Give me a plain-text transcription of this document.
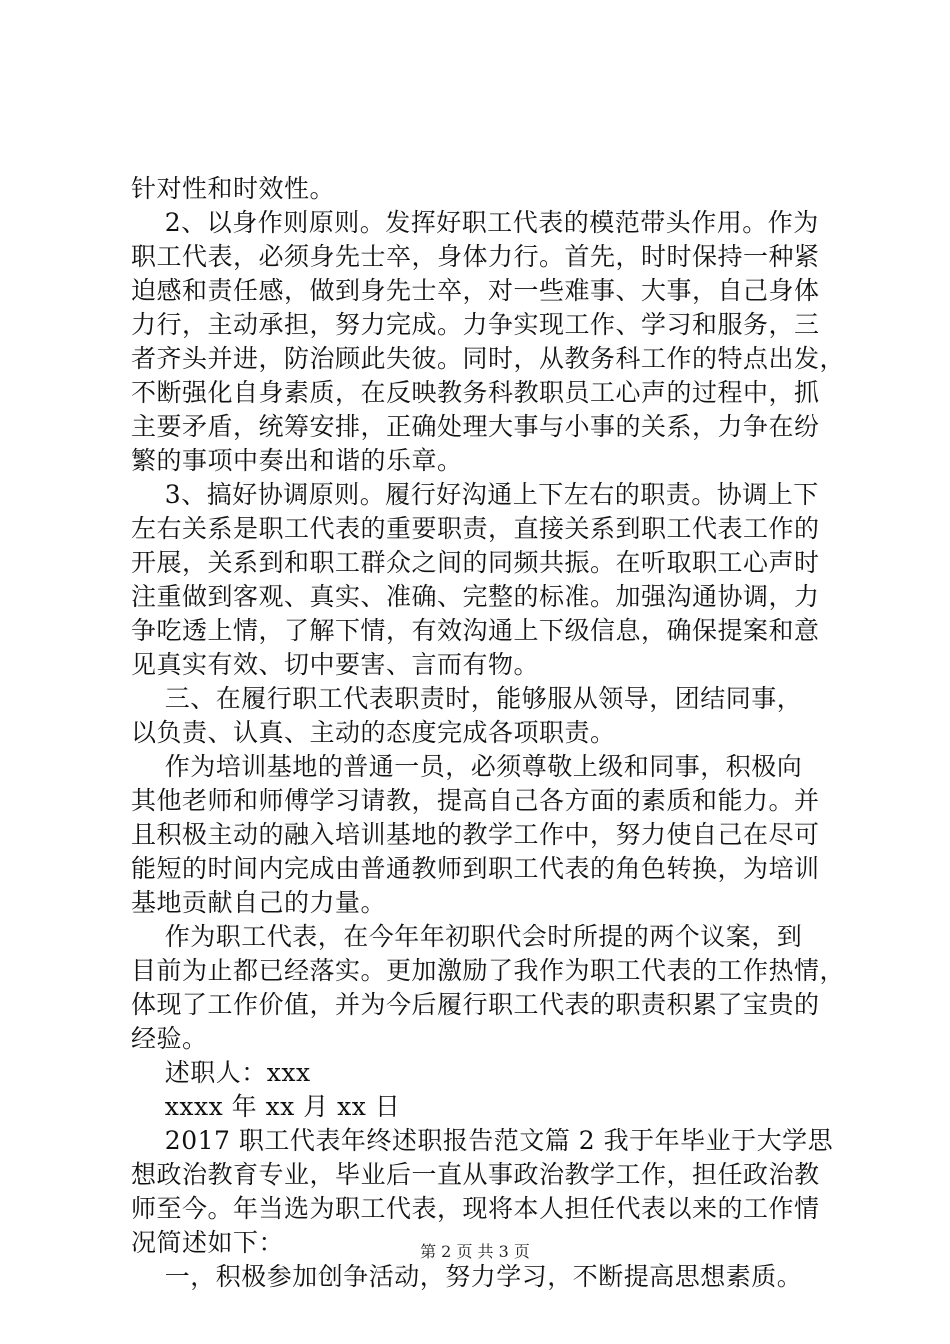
针对性和时效性。
2、以身作则原则。发挥好职工代表的模范带头作用。作为
职工代表，必须身先士卒，身体力行。首先，时时保持一种紧
迫感和责任感，做到身先士卒，对一些难事、大事，自己身体
力行，主动承担，努力完成。力争实现工作、学习和服务，三
者齐头并进，防治顾此失彼。同时，从教务科工作的特点出发，
不断强化自身素质，在反映教务科教职员工心声的过程中，抓
主要矛盾，统筹安排，正确处理大事与小事的关系，力争在纷
繁的事项中奏出和谐的乐章。
3、搞好协调原则。履行好沟通上下左右的职责。协调上下
左右关系是职工代表的重要职责，直接关系到职工代表工作的
开展，关系到和职工群众之间的同频共振。在听取职工心声时
注重做到客观、真实、准确、完整的标准。加强沟通协调，力
争吃透上情，了解下情，有效沟通上下级信息，确保提案和意
见真实有效、切中要害、言而有物。
三、在履行职工代表职责时，能够服从领导，团结同事，
以负责、认真、主动的态度完成各项职责。
作为培训基地的普通一员，必须尊敬上级和同事，积极向
其他老师和师傅学习请教，提高自己各方面的素质和能力。并
且积极主动的融入培训基地的教学工作中，努力使自己在尽可
能短的时间内完成由普通教师到职工代表的角色转换，为培训
基地贡献自己的力量。
作为职工代表，在今年年初职代会时所提的两个议案，到
目前为止都已经落实。更加激励了我作为职工代表的工作热情，
体现了工作价值，并为今后履行职工代表的职责积累了宝贵的
经验。
述职人：xxx
xxxx 年 xx 月 xx 日
2017 职工代表年终述职报告范文篇 2 我于年毕业于大学思
想政治教育专业，毕业后一直从事政治教学工作，担任政治教
师至今。年当选为职工代表，现将本人担任代表以来的工作情
况简述如下：
一，积极参加创争活动，努力学习，不断提高思想素质。
第 2 页 共 3 页
